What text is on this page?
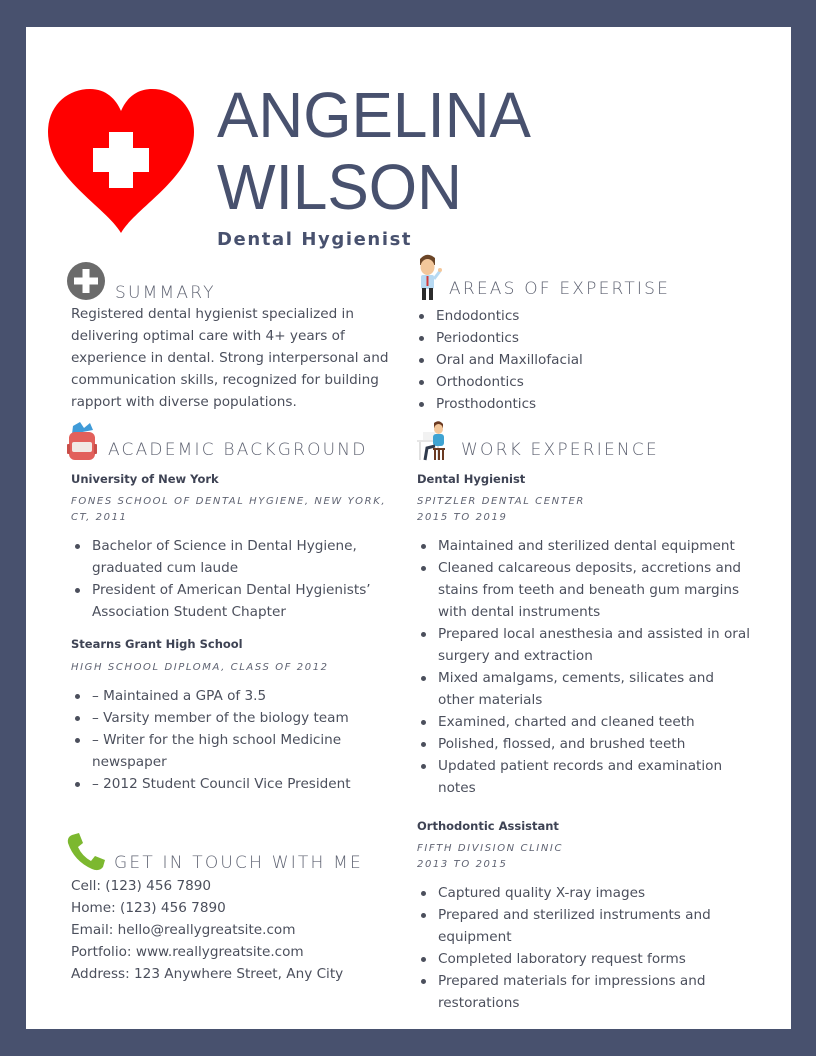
ANGELINA
WILSON
Dental Hygienist
SUMMARY

Registered dental hygienist specialized in delivering optimal care with 4+ years of experience in dental. Strong interpersonal and communication skills, recognized for building rapport with diverse populations.

AREAS OF EXPERTISE
Endodontics
Periodontics
Oral and Maxillofacial
Orthodontics
Prosthodontics
ACADEMIC BACKGROUND
University of New York
FONES SCHOOL OF DENTAL HYGIENE, NEW YORK, CT, 2011
Bachelor of Science in Dental Hygiene, graduated cum laude
President of American Dental Hygienists’ Association Student Chapter
Stearns Grant High School
HIGH SCHOOL DIPLOMA, CLASS OF 2012
– Maintained a GPA of 3.5
– Varsity member of the biology team
– Writer for the high school Medicine newspaper
– 2012 Student Council Vice President
WORK EXPERIENCE
Dental Hygienist
SPITZLER DENTAL CENTER
2015 TO 2019
Maintained and sterilized dental equipment
Cleaned calcareous deposits, accretions and stains from teeth and beneath gum margins with dental instruments
Prepared local anesthesia and assisted in oral surgery and extraction
Mixed amalgams, cements, silicates and other materials
Examined, charted and cleaned teeth
Polished, flossed, and brushed teeth
Updated patient records and examination notes
Orthodontic Assistant
FIFTH DIVISION CLINIC
2013 TO 2015
Captured quality X-ray images
Prepared and sterilized instruments and equipment
Completed laboratory request forms
Prepared materials for impressions and restorations
GET IN TOUCH WITH ME
Cell: (123) 456 7890
Home: (123) 456 7890
Email: hello@reallygreatsite.com
Portfolio: www.reallygreatsite.com
Address: 123 Anywhere Street, Any City
